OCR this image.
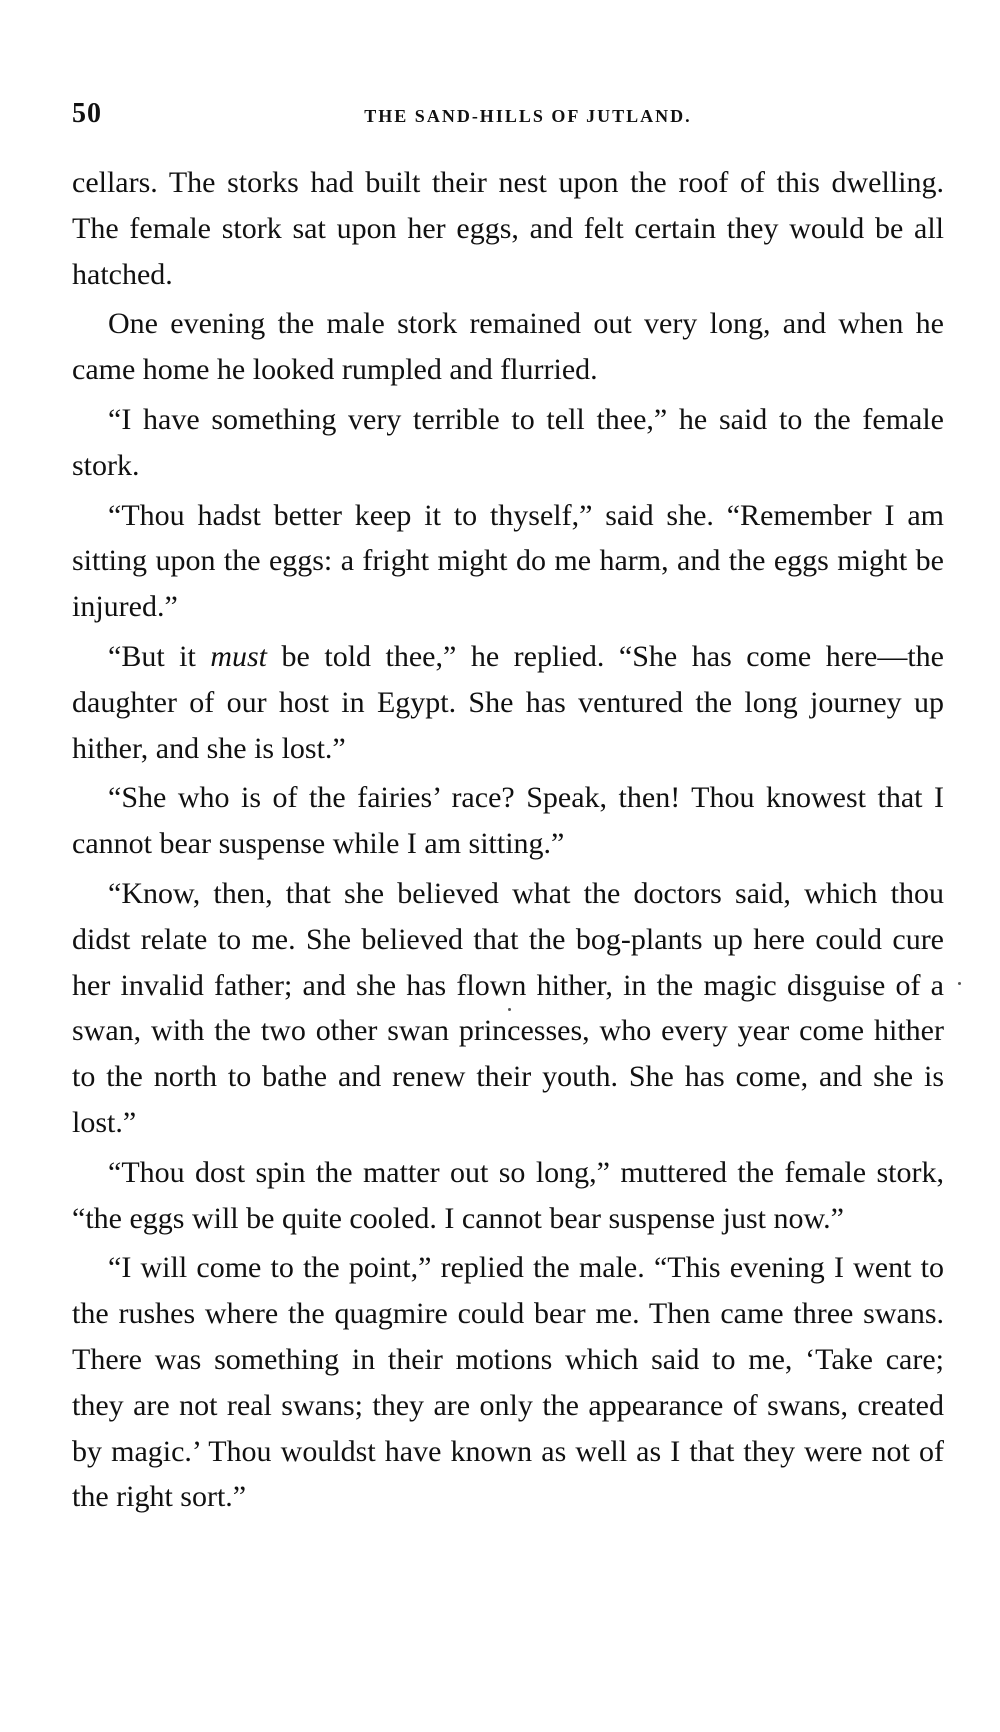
50	THE SAND-HILLS OF JUTLAND.

cellars. The storks had built their nest upon the roof of this dwelling. The female stork sat upon her eggs, and felt certain they would be all hatched.

One evening the male stork remained out very long, and when he came home he looked rumpled and flurried.

“I have something very terrible to tell thee,” he said to the female stork.

“Thou hadst better keep it to thyself,” said she. “Remember I am sitting upon the eggs: a fright might do me harm, and the eggs might be injured.”

“But it must be told thee,” he replied. “She has come here—the daughter of our host in Egypt. She has ventured the long journey up hither, and she is lost.”

“She who is of the fairies’ race? Speak, then! Thou knowest that I cannot bear suspense while I am sitting.”

“Know, then, that she believed what the doctors said, which thou didst relate to me. She believed that the bog-plants up here could cure her invalid father; and she has flown hither, in the magic disguise of a swan, with the two other swan princesses, who every year come hither to the north to bathe and renew their youth. She has come, and she is lost.”

“Thou dost spin the matter out so long,” muttered the female stork, “the eggs will be quite cooled. I cannot bear suspense just now.”

“I will come to the point,” replied the male. “This evening I went to the rushes where the quagmire could bear me. Then came three swans. There was something in their motions which said to me, ‘Take care; they are not real swans; they are only the appearance of swans, created by magic.’ Thou wouldst have known as well as I that they were not of the right sort.”
